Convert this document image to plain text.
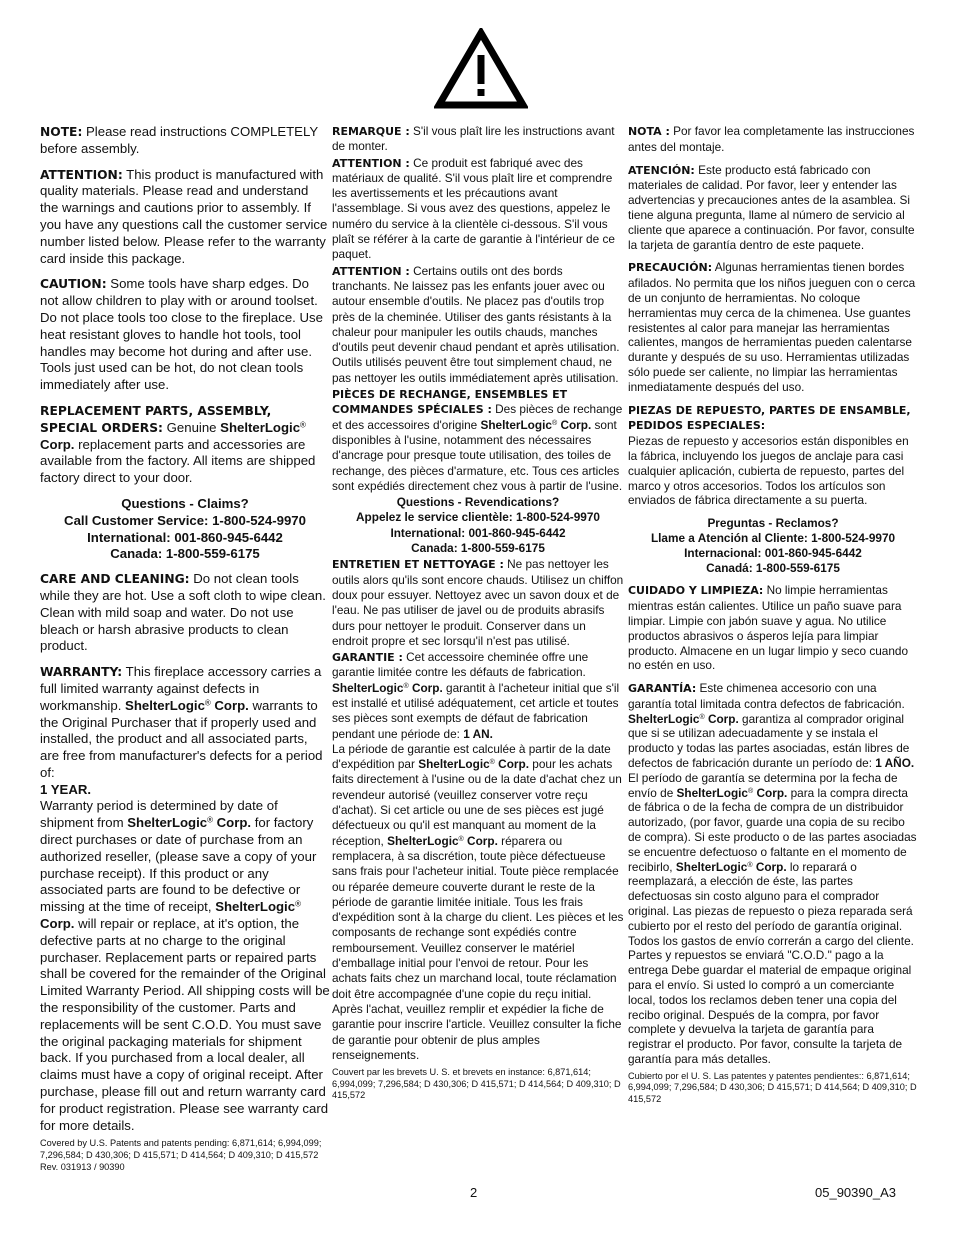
NOTE: Please read instructions COMPLETELY before assembly.

ATTENTION: This product is manufactured with quality materials. Please read and understand the warnings and cautions prior to assembly. If you have any questions call the customer service number listed below. Please refer to the warranty card inside this package.

CAUTION: Some tools have sharp edges. Do not allow children to play with or around toolset. Do not place tools too close to the fireplace. Use heat resistant gloves to handle hot tools, tool handles may become hot during and after use. Tools just used can be hot, do not clean tools immediately after use.

REPLACEMENT PARTS, ASSEMBLY, SPECIAL ORDERS: Genuine ShelterLogic® Corp. replacement parts and accessories are available from the factory. All items are shipped factory direct to your door.

Questions - Claims?
Call Customer Service: 1-800-524-9970
International: 001-860-945-6442
Canada: 1-800-559-6175

CARE AND CLEANING: Do not clean tools while they are hot. Use a soft cloth to wipe clean. Clean with mild soap and water. Do not use bleach or harsh abrasive products to clean product.

WARRANTY: This fireplace accessory carries a full limited warranty against defects in workmanship. ShelterLogic® Corp. warrants to the Original Purchaser that if properly used and installed, the product and all associated parts, are free from manufacturer's defects for a period of:
1 YEAR.
Warranty period is determined by date of shipment from ShelterLogic® Corp. for factory direct purchases or date of purchase from an authorized reseller, (please save a copy of your purchase receipt). If this product or any associated parts are found to be defective or missing at the time of receipt, ShelterLogic® Corp. will repair or replace, at it's option, the defective parts at no charge to the original purchaser. Replacement parts or repaired parts shall be covered for the remainder of the Original Limited Warranty Period. All shipping costs will be the responsibility of the customer. Parts and replacements will be sent C.O.D. You must save the original packaging materials for shipment back. If you purchased from a local dealer, all claims must have a copy of original receipt. After purchase, please fill out and return warranty card for product registration. Please see warranty card for more details.

Covered by U.S. Patents and patents pending: 6,871,614; 6,994,099; 7,296,584; D 430,306; D 415,571; D 414,564; D 409,310; D 415,572

Rev. 031913 / 90390

REMARQUE : S'il vous plaît lire les instructions avant de monter.

ATTENTION : Ce produit est fabriqué avec des matériaux de qualité. S'il vous plaît lire et comprendre les avertissements et les précautions avant l'assemblage. Si vous avez des questions, appelez le numéro du service à la clientèle ci-dessous. S'il vous plaît se référer à la carte de garantie à l'intérieur de ce paquet.

ATTENTION : Certains outils ont des bords tranchants. Ne laissez pas les enfants jouer avec ou autour ensemble d'outils. Ne placez pas d'outils trop près de la cheminée. Utiliser des gants résistants à la chaleur pour manipuler les outils chauds, manches d'outils peut devenir chaud pendant et après utilisation. Outils utilisés peuvent être tout simplement chaud, ne pas nettoyer les outils immédiatement après utilisation.

PIÈCES DE RECHANGE, ENSEMBLES ET COMMANDES SPÉCIALES : Des pièces de rechange et des accessoires d'origine ShelterLogic® Corp. sont disponibles à l'usine, notamment des nécessaires d'ancrage pour presque toute utilisation, des toiles de rechange, des pièces d'armature, etc. Tous ces articles sont expédiés directement chez vous à partir de l'usine.

Questions - Revendications?
Appelez le service clientèle: 1-800-524-9970
International: 001-860-945-6442
Canada: 1-800-559-6175

ENTRETIEN ET NETTOYAGE : Ne pas nettoyer les outils alors qu'ils sont encore chauds. Utilisez un chiffon doux pour essuyer. Nettoyez avec un savon doux et de l'eau. Ne pas utiliser de javel ou de produits abrasifs durs pour nettoyer le produit. Conserver dans un endroit propre et sec lorsqu'il n'est pas utilisé.

GARANTIE : Cet accessoire cheminée offre une garantie limitée contre les défauts de fabrication. ShelterLogic® Corp. garantit à l'acheteur initial que s'il est installé et utilisé adéquatement, cet article et toutes ses pièces sont exempts de défaut de fabrication pendant une période de: 1 AN.
La période de garantie est calculée à partir de la date d'expédition par ShelterLogic® Corp. pour les achats faits directement à l'usine ou de la date d'achat chez un revendeur autorisé (veuillez conserver votre reçu d'achat). Si cet article ou une de ses pièces est jugé défectueux ou qu'il est manquant au moment de la réception, ShelterLogic® Corp. réparera ou remplacera, à sa discrétion, toute pièce défectueuse sans frais pour l'acheteur initial. Toute pièce remplacée ou réparée demeure couverte durant le reste de la période de garantie limitée initiale. Tous les frais d'expédition sont à la charge du client. Les pièces et les composants de rechange sont expédiés contre remboursement. Veuillez conserver le matériel d'emballage initial pour l'envoi de retour. Pour les achats faits chez un marchand local, toute réclamation doit être accompagnée d'une copie du reçu initial. Après l'achat, veuillez remplir et expédier la fiche de garantie pour inscrire l'article. Veuillez consulter la fiche de garantie pour obtenir de plus amples renseignements.

Couvert par les brevets U. S. et brevets en instance: 6,871,614; 6,994,099; 7,296,584; D 430,306; D 415,571; D 414,564; D 409,310; D 415,572

NOTA : Por favor lea completamente las instrucciones antes del montaje.

ATENCIÓN: Este producto está fabricado con materiales de calidad. Por favor, leer y entender las advertencias y precauciones antes de la asamblea. Si tiene alguna pregunta, llame al número de servicio al cliente que aparece a continuación. Por favor, consulte la tarjeta de garantía dentro de este paquete.

PRECAUCIÓN: Algunas herramientas tienen bordes afilados. No permita que los niños jueguen con o cerca de un conjunto de herramientas. No coloque herramientas muy cerca de la chimenea. Use guantes resistentes al calor para manejar las herramientas calientes, mangos de herramientas pueden calentarse durante y después de su uso. Herramientas utilizadas sólo puede ser caliente, no limpiar las herramientas inmediatamente después del uso.

PIEZAS DE REPUESTO, PARTES DE ENSAMBLE, PEDIDOS ESPECIALES:
Piezas de repuesto y accesorios están disponibles en la fábrica, incluyendo los juegos de anclaje para casi cualquier aplicación, cubierta de repuesto, partes del marco y otros accesorios. Todos los artículos son enviados de fábrica directamente a su puerta.

Preguntas - Reclamos?
Llame a Atención al Cliente: 1-800-524-9970
Internacional: 001-860-945-6442
Canadá: 1-800-559-6175

CUIDADO Y LIMPIEZA: No limpie herramientas mientras están calientes. Utilice un paño suave para limpiar. Limpie con jabón suave y agua. No utilice productos abrasivos o ásperos lejía para limpiar producto. Almacene en un lugar limpio y seco cuando no estén en uso.

GARANTÍA: Este chimenea accesorio con una garantía total limitada contra defectos de fabricación. ShelterLogic® Corp. garantiza al comprador original que si se utilizan adecuadamente y se instala el producto y todas las partes asociadas, están libres de defectos de fabricación durante un período de: 1 AÑO.
El período de garantía se determina por la fecha de envío de ShelterLogic® Corp. para la compra directa de fábrica o de la fecha de compra de un distribuidor autorizado, (por favor, guarde una copia de su recibo de compra). Si este producto o de las partes asociadas se encuentre defectuoso o faltante en el momento de recibirlo, ShelterLogic® Corp. lo reparará o reemplazará, a elección de éste, las partes defectuosas sin costo alguno para el comprador original. Las piezas de repuesto o pieza reparada será cubierto por el resto del período de garantía original. Todos los gastos de envío correrán a cargo del cliente. Partes y repuestos se enviará "C.O.D." pago a la entrega Debe guardar el material de empaque original para el envío. Si usted lo compró a un comerciante local, todos los reclamos deben tener una copia del recibo original. Después de la compra, por favor complete y devuelva la tarjeta de garantía para registrar el producto. Por favor, consulte la tarjeta de garantía para más detalles.

Cubierto por el U. S. Las patentes y patentes pendientes:: 6,871,614; 6,994,099; 7,296,584; D 430,306; D 415,571; D 414,564; D 409,310; D 415,572

2	05_90390_A3
